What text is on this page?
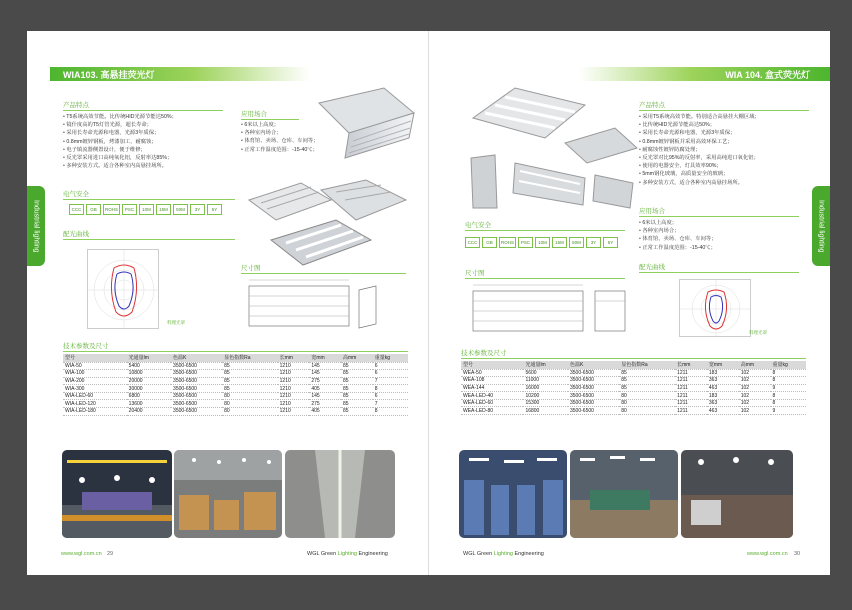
WIA103. 高悬挂荧光灯
Industrial lighting
产品特点
• T5系统高效节能。比传统HID光源节能达50%；
• 镜什度高的T5灯管光源，超长寿命；
• 采用长寿命光源和电器，光源3年质保；
• 0.8mm镀锌钢板，烤漆加工，耐腐蚀；
• 电子镇流器侧置设计，便于维修；
• 反光罩采用进口高纯氧化铝，反射率达85%；
• 多种安装方式。适合各种室内高悬挂场所。
应用场合
• 6米以上高度；
• 各种室内场合；
• 体育馆、卖场、仓库、车间等；
• 正常工作温度范围：-15-40℃；
电气安全
CCC	GB	ROHS	PSC	10M	15M	50M	3Y	5Y
配光曲线
料理光罩
尺寸图
技术参数及尺寸
型号	光通量lm	色温K	显色指数Ra	长mm	宽mm	高mm	重量kg
WIA-50	5400	3500-6500	85	1210	145	85	6
WIA-100	10800	3500-6500	85	1210	145	85	6
WIA-200	20000	3500-6500	85	1210	275	85	7
WIA-300	30000	3500-6500	85	1210	405	85	8
WIA-LED-60	6800	3500-6500	80	1210	145	85	6
WIA-LED-120	13600	3500-6500	80	1210	275	85	7
WIA-LED-180	20400	3500-6500	80	1210	405	85	8
www.wgl.com.cn 29	WGL Green Lighting Engineering
WIA 104. 盒式荧光灯
Industrial lighting
产品特点
• 采用T5系统高效节能。特别适合高悬挂大棚区域；
• 比传统HID光源节能高达50%；
• 采用长寿命光源和电器，光源3年质保；
• 0.8mm镀锌钢板并采用高效环保工艺；
• 耐腐蚀性镀锌防腐处理；
• 反光罩对比95%的反射率，采用高纯进口氧化铝；
• 使用的电器安全，灯具效率90%；
• 5mm钢化玻璃，高质量安全的玻璃；
• 多种安装方式，适合各种室内高悬挂场所。
电气安全
CCC	GB	ROHS	PSC	10M	15M	50M	3Y	5Y
应用场合
• 6米以上高度；
• 各种室内场合；
• 体育馆、卖场、仓库、车间等；
• 正常工作温度范围：-15-40℃；
尺寸图
配光曲线
料理光罩
技术参数及尺寸
型号	光通量lm	色温K	显色指数Ra	长mm	宽mm	高mm	重量kg
WEA-50	5600	3500-6500	85	1211	183	102	8
WEA-108	11000	3500-6500	85	1211	363	102	8
WEA-144	16000	3500-6500	85	1211	463	102	9
WEA-LED-40	10200	3500-6500	80	1211	183	102	8
WEA-LED-60	15300	3500-6500	80	1211	363	102	8
WEA-LED-80	16800	3500-6500	80	1211	463	102	9
WGL Green Lighting Engineering	www.wgl.com.cn 30
